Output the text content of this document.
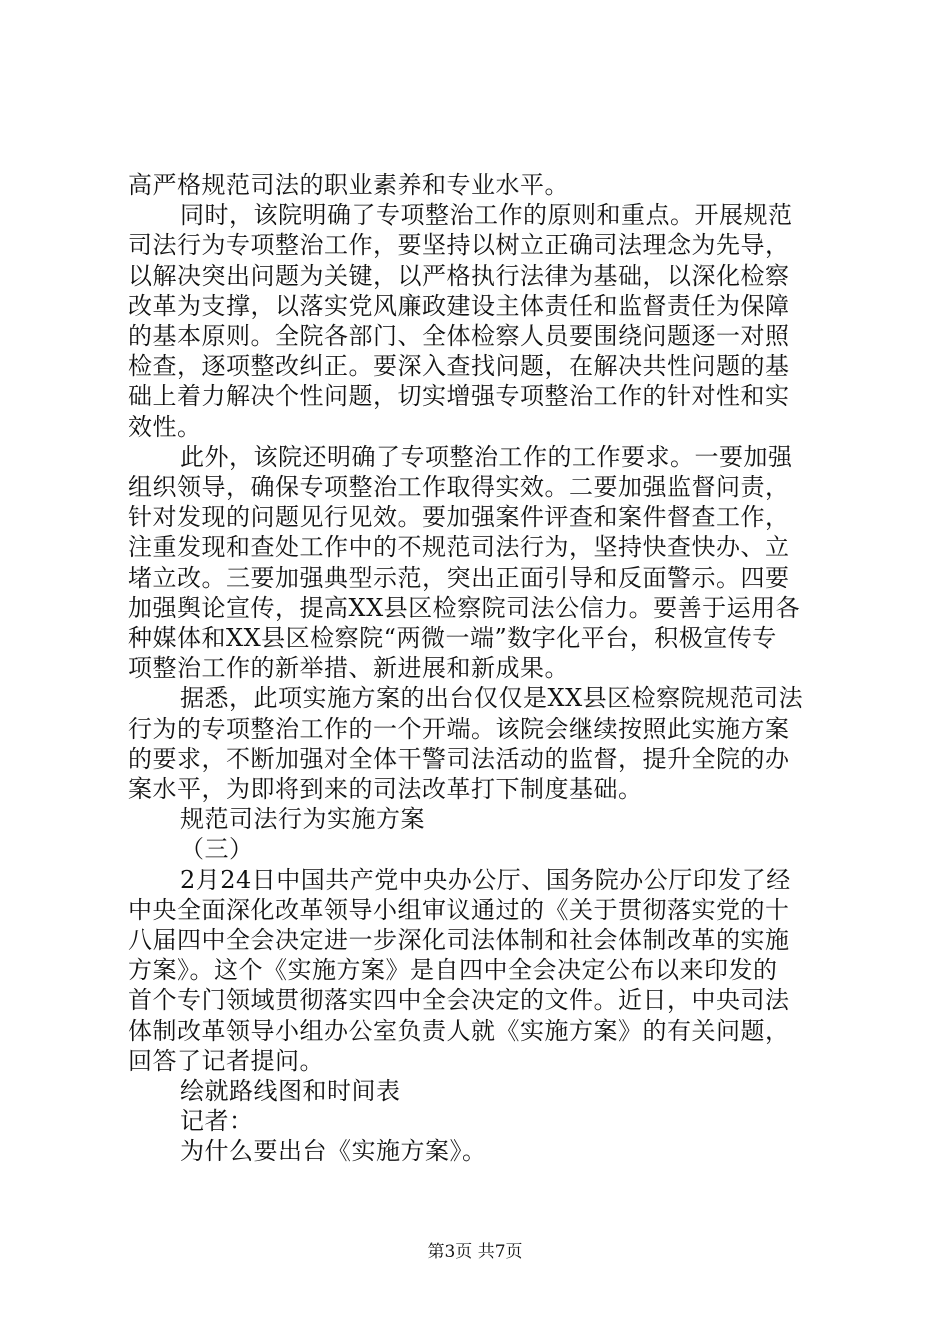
高严格规范司法的职业素养和专业水平。
同时，该院明确了专项整治工作的原则和重点。开展规范
司法行为专项整治工作，要坚持以树立正确司法理念为先导，
以解决突出问题为关键，以严格执行法律为基础，以深化检察
改革为支撑，以落实党风廉政建设主体责任和监督责任为保障
的基本原则。全院各部门、全体检察人员要围绕问题逐一对照
检查，逐项整改纠正。要深入查找问题，在解决共性问题的基
础上着力解决个性问题，切实增强专项整治工作的针对性和实
效性。
此外，该院还明确了专项整治工作的工作要求。一要加强
组织领导，确保专项整治工作取得实效。二要加强监督问责，
针对发现的问题见行见效。要加强案件评查和案件督查工作，
注重发现和查处工作中的不规范司法行为，坚持快查快办、立
堵立改。三要加强典型示范，突出正面引导和反面警示。四要
加强舆论宣传，提高XX县区检察院司法公信力。要善于运用各
种媒体和XX县区检察院“两微一端”数字化平台，积极宣传专
项整治工作的新举措、新进展和新成果。
据悉，此项实施方案的出台仅仅是XX县区检察院规范司法
行为的专项整治工作的一个开端。该院会继续按照此实施方案
的要求，不断加强对全体干警司法活动的监督，提升全院的办
案水平，为即将到来的司法改革打下制度基础。
规范司法行为实施方案
（三）
2月24日中国共产党中央办公厅、国务院办公厅印发了经
中央全面深化改革领导小组审议通过的《关于贯彻落实党的十
八届四中全会决定进一步深化司法体制和社会体制改革的实施
方案》。这个《实施方案》是自四中全会决定公布以来印发的
首个专门领域贯彻落实四中全会决定的文件。近日，中央司法
体制改革领导小组办公室负责人就《实施方案》的有关问题，
回答了记者提问。
绘就路线图和时间表
第3页 共7页
记者：
为什么要出台《实施方案》。
